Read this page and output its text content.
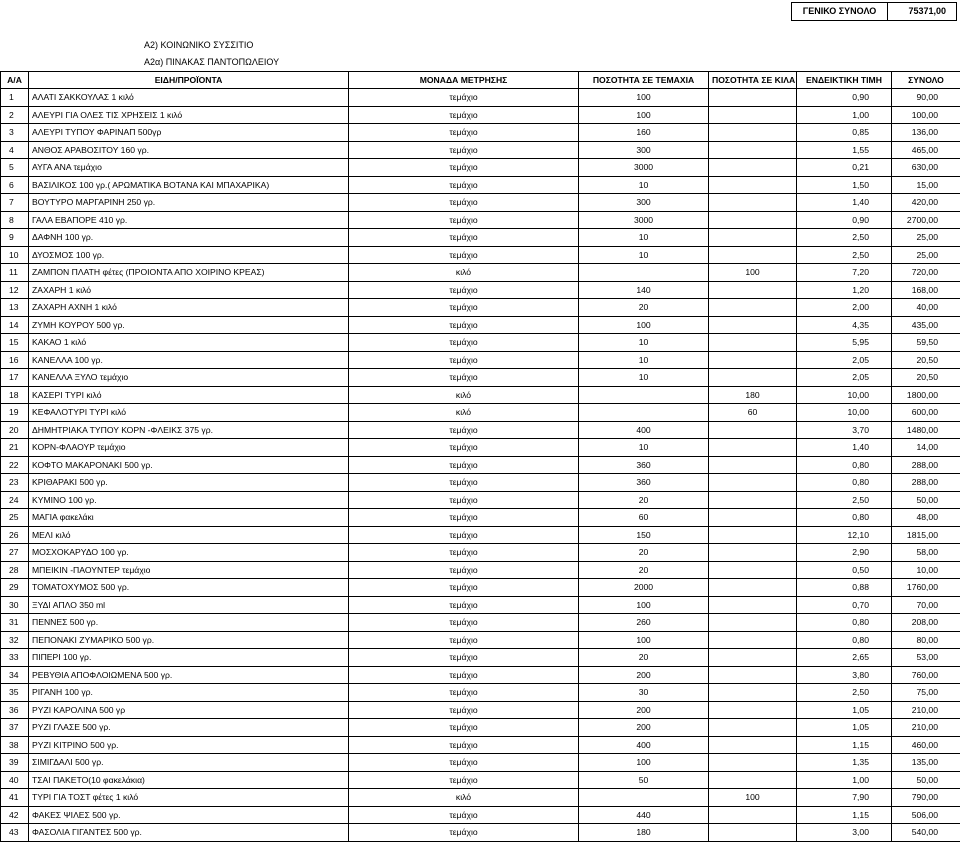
ΓΕΝΙΚΟ ΣΥΝΟΛΟ	75371,00
Α2) ΚΟΙΝΩΝΙΚΟ ΣΥΣΣΙΤΙΟ
Α2α) ΠΙΝΑΚΑΣ ΠΑΝΤΟΠΩΛΕΙΟΥ
Α/Α	ΕΙΔΗ/ΠΡΟΪΟΝΤΑ	ΜΟΝΑΔΑ ΜΕΤΡΗΣΗΣ	ΠΟΣΟΤΗΤΑ ΣΕ ΤΕΜΑΧΙΑ	ΠΟΣΟΤΗΤΑ ΣΕ ΚΙΛΑ	ΕΝΔΕΙΚΤΙΚΗ ΤΙΜΗ	ΣΥΝΟΛΟ
1	ΑΛΑΤΙ ΣΑΚΚΟΥΛΑΣ 1 κιλό	τεμάχιο	100		0,90	90,00
2	ΑΛΕΥΡΙ ΓΙΑ ΟΛΕΣ ΤΙΣ ΧΡΗΣΕΙΣ 1 κιλό	τεμάχιο	100		1,00	100,00
3	ΑΛΕΥΡΙ ΤΥΠΟΥ ΦΑΡΙΝΑΠ 500γρ	τεμάχιο	160		0,85	136,00
4	ΑΝΘΟΣ ΑΡΑΒΟΣΙΤΟΥ 160 γρ.	τεμάχιο	300		1,55	465,00
5	ΑΥΓΑ ΑΝΑ τεμάχιο	τεμάχιο	3000		0,21	630,00
6	ΒΑΣΙΛΙΚΟΣ 100 γρ.( ΑΡΩΜΑΤΙΚΑ ΒΟΤΑΝΑ ΚΑΙ ΜΠΑΧΑΡΙΚΑ)	τεμάχιο	10		1,50	15,00
7	ΒΟΥΤΥΡΟ ΜΑΡΓΑΡΙΝΗ 250 γρ.	τεμάχιο	300		1,40	420,00
8	ΓΑΛΑ ΕΒΑΠΟΡΕ 410 γρ.	τεμάχιο	3000		0,90	2700,00
9	ΔΑΦΝΗ 100 γρ.	τεμάχιο	10		2,50	25,00
10	ΔΥΟΣΜΟΣ 100 γρ.	τεμάχιο	10		2,50	25,00
11	ΖΑΜΠΟΝ ΠΛΑΤΗ φέτες (ΠΡΟΙΟΝΤΑ ΑΠΟ ΧΟΙΡΙΝΟ ΚΡΕΑΣ)	κιλό		100	7,20	720,00
12	ΖΑΧΑΡΗ 1 κιλό	τεμάχιο	140		1,20	168,00
13	ΖΑΧΑΡΗ ΑΧΝΗ 1 κιλό	τεμάχιο	20		2,00	40,00
14	ΖΥΜΗ ΚΟΥΡΟΥ 500 γρ.	τεμάχιο	100		4,35	435,00
15	ΚΑΚΑΟ 1 κιλό	τεμάχιο	10		5,95	59,50
16	ΚΑΝΕΛΛΑ 100 γρ.	τεμάχιο	10		2,05	20,50
17	ΚΑΝΕΛΛΑ ΞΥΛΟ τεμάχιο	τεμάχιο	10		2,05	20,50
18	ΚΑΣΕΡΙ ΤΥΡΙ κιλό	κιλό		180	10,00	1800,00
19	ΚΕΦΑΛΟΤΥΡΙ ΤΥΡΙ κιλό	κιλό		60	10,00	600,00
20	ΔΗΜΗΤΡΙΑΚΑ ΤΥΠΟΥ ΚΟΡΝ -ΦΛΕΙΚΣ 375 γρ.	τεμάχιο	400		3,70	1480,00
21	ΚΟΡΝ-ΦΛΑΟΥΡ τεμάχιο	τεμάχιο	10		1,40	14,00
22	ΚΟΦΤΟ ΜΑΚΑΡΟΝΑΚΙ 500 γρ.	τεμάχιο	360		0,80	288,00
23	ΚΡΙΘΑΡΑΚΙ 500 γρ.	τεμάχιο	360		0,80	288,00
24	ΚΥΜΙΝΟ 100 γρ.	τεμάχιο	20		2,50	50,00
25	ΜΑΓΙΑ φακελάκι	τεμάχιο	60		0,80	48,00
26	ΜΕΛΙ κιλό	τεμάχιο	150		12,10	1815,00
27	ΜΟΣΧΟΚΑΡΥΔΟ 100 γρ.	τεμάχιο	20		2,90	58,00
28	ΜΠΕΙΚΙΝ -ΠΑΟΥΝΤΕΡ τεμάχιο	τεμάχιο	20		0,50	10,00
29	ΤΟΜΑΤΟΧΥΜΟΣ 500 γρ.	τεμάχιο	2000		0,88	1760,00
30	ΞΥΔΙ ΑΠΛΟ 350 ml	τεμάχιο	100		0,70	70,00
31	ΠΕΝΝΕΣ 500 γρ.	τεμάχιο	260		0,80	208,00
32	ΠΕΠΟΝΑΚΙ ΖΥΜΑΡΙΚΟ 500 γρ.	τεμάχιο	100		0,80	80,00
33	ΠΙΠΕΡΙ 100 γρ.	τεμάχιο	20		2,65	53,00
34	ΡΕΒΥΘΙΑ ΑΠΟΦΛΟΙΩΜΕΝΑ 500 γρ.	τεμάχιο	200		3,80	760,00
35	ΡΙΓΑΝΗ 100 γρ.	τεμάχιο	30		2,50	75,00
36	ΡΥΖΙ ΚΑΡΟΛΙΝΑ 500 γρ	τεμάχιο	200		1,05	210,00
37	ΡΥΖΙ ΓΛΑΣΕ 500 γρ.	τεμάχιο	200		1,05	210,00
38	ΡΥΖΙ ΚΙΤΡΙΝΟ 500 γρ.	τεμάχιο	400		1,15	460,00
39	ΣΙΜΙΓΔΑΛΙ 500 γρ.	τεμάχιο	100		1,35	135,00
40	ΤΣΑΙ ΠΑΚΕΤΟ(10 φακελάκια)	τεμάχιο	50		1,00	50,00
41	ΤΥΡΙ ΓΙΑ ΤΟΣΤ φέτες 1 κιλό	κιλό		100	7,90	790,00
42	ΦΑΚΕΣ ΨΙΛΕΣ 500 γρ.	τεμάχιο	440		1,15	506,00
43	ΦΑΣΟΛΙΑ ΓΙΓΑΝΤΕΣ 500 γρ.	τεμάχιο	180		3,00	540,00
